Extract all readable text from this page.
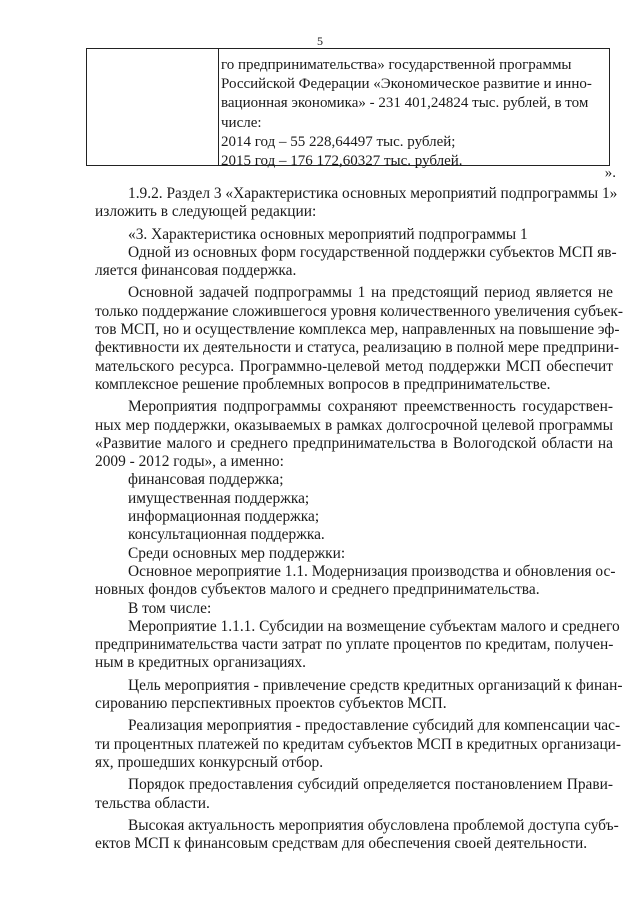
5
го предпринимательства» государственной программы
Российской Федерации «Экономическое развитие и инно-
вационная экономика» - 231 401,24824 тыс. рублей, в том
числе:
2014 год – 55 228,64497 тыс. рублей;
2015 год – 176 172,60327 тыс. рублей.
».
1.9.2. Раздел 3 «Характеристика основных мероприятий подпрограммы 1»
изложить в следующей редакции:
«3. Характеристика основных мероприятий подпрограммы 1
Одной из основных форм государственной поддержки субъектов МСП яв-
ляется финансовая поддержка.
Основной задачей подпрограммы 1 на предстоящий период является не
только поддержание сложившегося уровня количественного увеличения субъек-
тов МСП, но и осуществление комплекса мер, направленных на повышение эф-
фективности их деятельности и статуса, реализацию в полной мере предприни-
мательского ресурса. Программно-целевой метод поддержки МСП обеспечит
комплексное решение проблемных вопросов в предпринимательстве.
Мероприятия подпрограммы сохраняют преемственность государствен-
ных мер поддержки, оказываемых в рамках долгосрочной целевой программы
«Развитие малого и среднего предпринимательства в Вологодской области на
2009 - 2012 годы», а именно:
финансовая поддержка;
имущественная поддержка;
информационная поддержка;
консультационная поддержка.
Среди основных мер поддержки:
Основное мероприятие 1.1. Модернизация производства и обновления ос-
новных фондов субъектов малого и среднего предпринимательства.
В том числе:
Мероприятие 1.1.1. Субсидии на возмещение субъектам малого и среднего
предпринимательства части затрат по уплате процентов по кредитам, получен-
ным в кредитных организациях.
Цель мероприятия - привлечение средств кредитных организаций к финан-
сированию перспективных проектов субъектов МСП.
Реализация мероприятия - предоставление субсидий для компенсации час-
ти процентных платежей по кредитам субъектов МСП в кредитных организаци-
ях, прошедших конкурсный отбор.
Порядок предоставления субсидий определяется постановлением Прави-
тельства области.
Высокая актуальность мероприятия обусловлена проблемой доступа субъ-
ектов МСП к финансовым средствам для обеспечения своей деятельности.
